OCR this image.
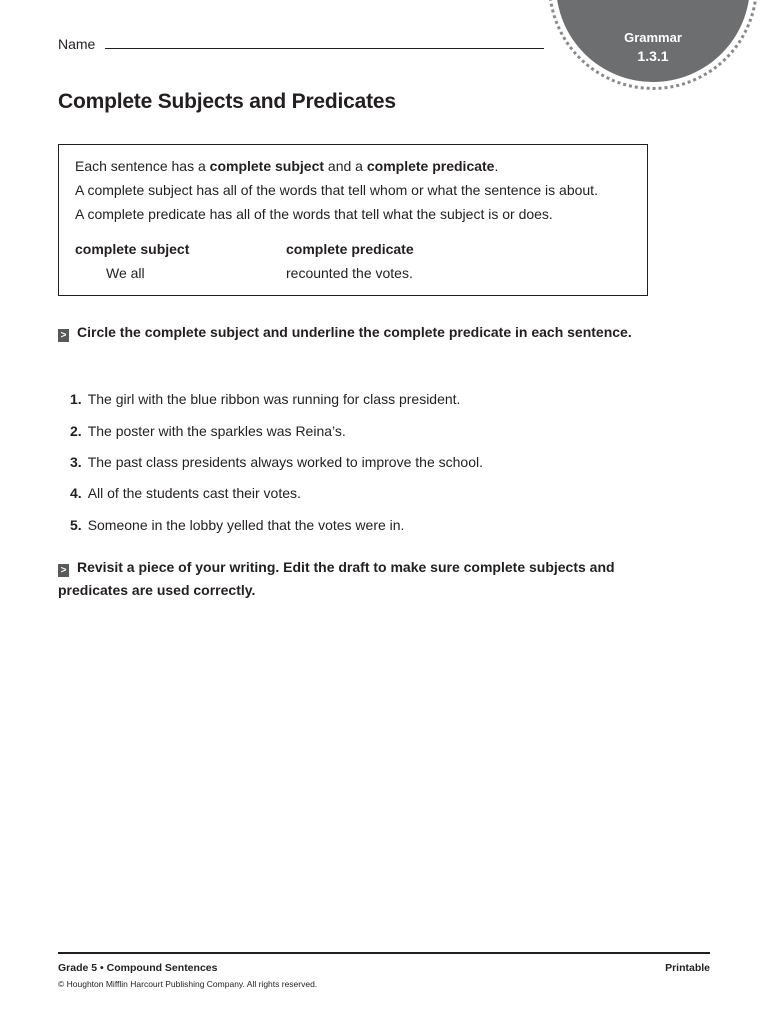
Grammar
1.3.1
Name
Complete Subjects and Predicates
Each sentence has a complete subject and a complete predicate.
A complete subject has all of the words that tell whom or what the sentence is about.
A complete predicate has all of the words that tell what the subject is or does.
complete subject	complete predicate
We all	recounted the votes.
> Circle the complete subject and underline the complete predicate in each sentence.
1. The girl with the blue ribbon was running for class president.
2. The poster with the sparkles was Reina’s.
3. The past class presidents always worked to improve the school.
4. All of the students cast their votes.
5. Someone in the lobby yelled that the votes were in.
> Revisit a piece of your writing. Edit the draft to make sure complete subjects and predicates are used correctly.
Grade 5 • Compound Sentences	Printable
© Houghton Mifflin Harcourt Publishing Company. All rights reserved.
